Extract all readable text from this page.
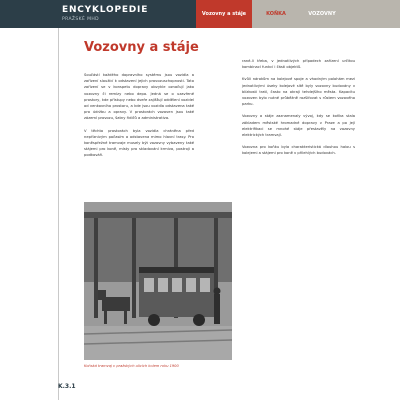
ENCYKLOPEDIE
PRAŽSKÉ MHD
Vozovny a stáje	KOŇKA	VOZOVNY
Vozovny a stáje

Součástí každého dopravního systému jsou vozidla a zařízení sloužící k odstavení jejich provozuschopnosti. Tato zařízení se v konspetu dopravy obvykle označují jako vozovny či remízy nebo depa. Jedná se o uzavřené prostory, kde přístupy nebo dveře zajišťují oddělení vozidel od venkovního prostoru, a kde jsou vozidla odstavena také pro údržbu a opravy. V prostorách vozoven jsou také zázemí provozu, šatny řidičů a administrativa.

V těchto prostorách byla vozidla chráněna před nepříznivým počasím a odstavena mimo hlavní trasy. Pro koněspřežné tramvaje musely být vozovny vybaveny také stájemi pro koně, místy pro skladování krmiva, postroji a podkováři.

rané-li třeba, v jednotlivých případech zařízení určitou kombinací funkcí i části objektů.

Kvůli nárokům na kolejové spoje a vhodným polohám mezi jednotlivými úseky kolejové sítě byly vozovny budovány v blízkosti tratí, často na okraji tehdejšího města. Kapacitu vozoven bylo nutné průběžně rozšiřovat s růstem vozového parku.

Vozovny a stáje zaznamenaly vývoj, kdy se koňka stala základem městské hromadné dopravy v Praze a po její elektrifikaci se mnohé stáje přestavěly na vozovny elektrických tramvají.

Vozovna pro koňku byla charakteristická dlouhou halou s kolejemi a stájemi pro koně v přilehlých budovách.

Koňská tramvaj v pražských ulicích kolem roku 1900
K.3.1
